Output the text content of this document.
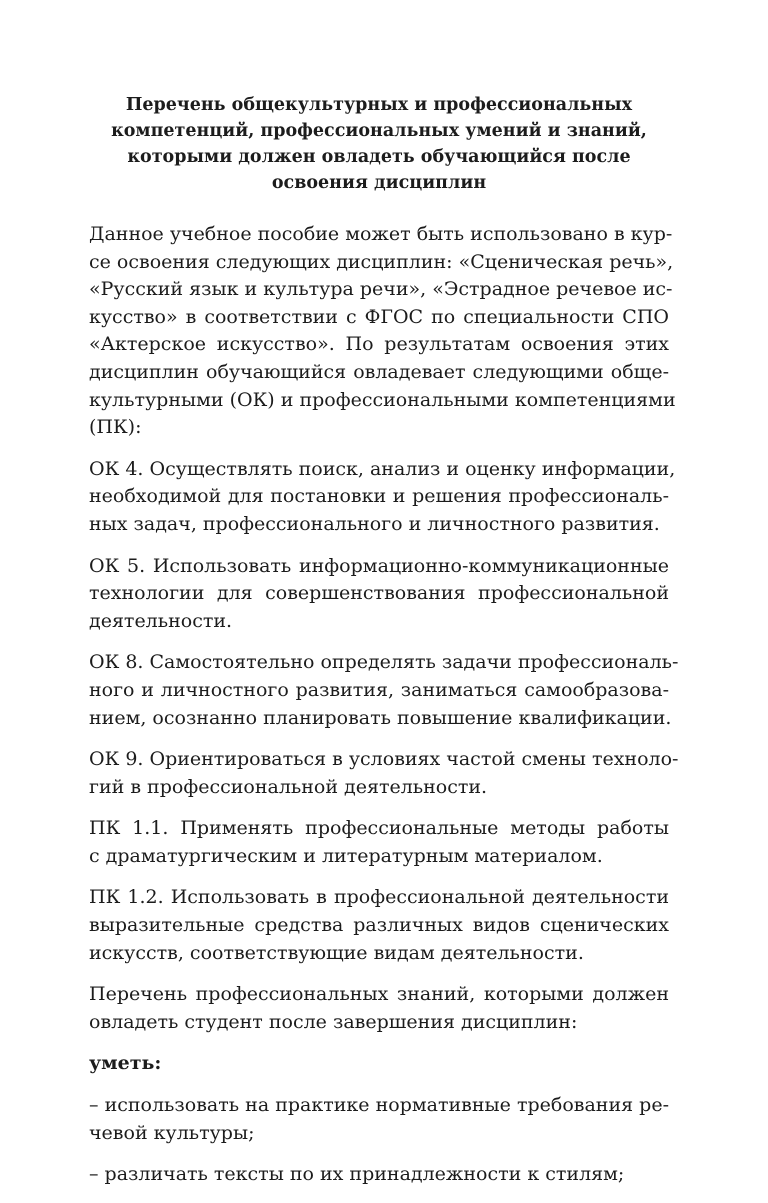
Перечень общекультурных и профессиональных
компетенций, профессиональных умений и знаний,
которыми должен овладеть обучающийся после
освоения дисциплин
Данное учебное пособие может быть использовано в кур-
се освоения следующих дисциплин: «Сценическая речь»,
«Русский язык и культура речи», «Эстрадное речевое ис-
кусство» в соответствии с ФГОС по специальности СПО
«Актерское искусство». По результатам освоения этих
дисциплин обучающийся овладевает следующими обще-
культурными (ОК) и профессиональными компетенциями
(ПК):
ОК 4. Осуществлять поиск, анализ и оценку информации,
необходимой для постановки и решения профессиональ-
ных задач, профессионального и личностного развития.
ОК 5. Использовать информационно-коммуникационные
технологии для совершенствования профессиональной
деятельности.
ОК 8. Самостоятельно определять задачи профессиональ-
ного и личностного развития, заниматься самообразова-
нием, осознанно планировать повышение квалификации.
ОК 9. Ориентироваться в условиях частой смены техноло-
гий в профессиональной деятельности.
ПК 1.1. Применять профессиональные методы работы
с драматургическим и литературным материалом.
ПК 1.2. Использовать в профессиональной деятельности
выразительные средства различных видов сценических
искусств, соответствующие видам деятельности.
Перечень профессиональных знаний, которыми должен
овладеть студент после завершения дисциплин:
уметь:
– использовать на практике нормативные требования ре-
чевой культуры;
– различать тексты по их принадлежности к стилям;
